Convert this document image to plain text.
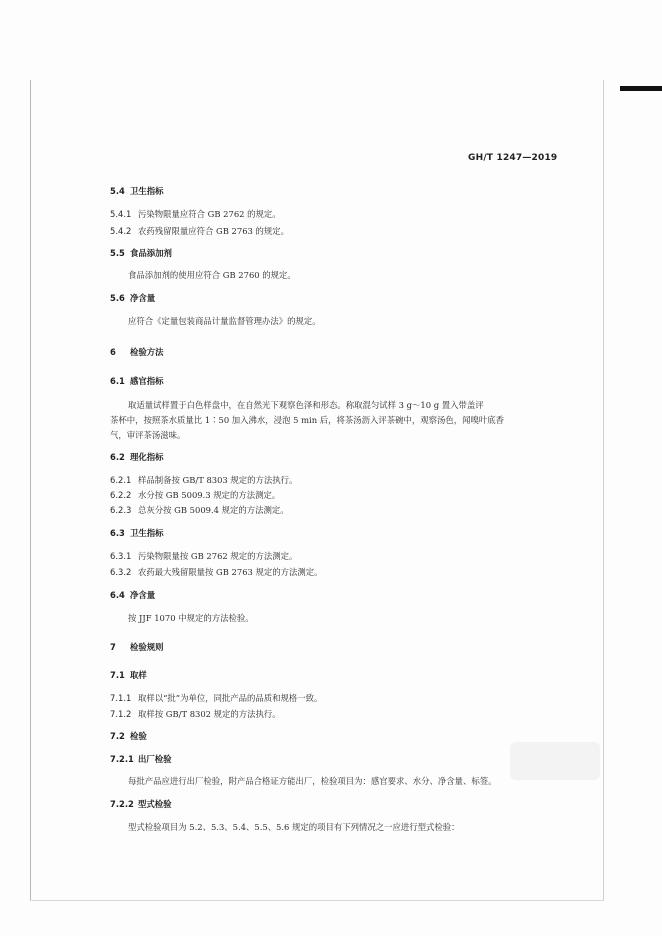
GH/T 1247—2019
5.4 卫生指标
5.4.1 污染物限量应符合 GB 2762 的规定。
5.4.2 农药残留限量应符合 GB 2763 的规定。
5.5 食品添加剂
食品添加剂的使用应符合 GB 2760 的规定。
5.6 净含量
应符合《定量包装商品计量监督管理办法》的规定。
6 检验方法
6.1 感官指标
取适量试样置于白色样盘中，在自然光下观察色泽和形态。称取混匀试样 3 g～10 g 置入带盖评
茶杯中，按照茶水质量比 1∶50 加入沸水，浸泡 5 min 后，将茶汤沥入评茶碗中，观察汤色，闻嗅叶底香
气，审评茶汤滋味。
6.2 理化指标
6.2.1 样品制备按 GB/T 8303 规定的方法执行。
6.2.2 水分按 GB 5009.3 规定的方法测定。
6.2.3 总灰分按 GB 5009.4 规定的方法测定。
6.3 卫生指标
6.3.1 污染物限量按 GB 2762 规定的方法测定。
6.3.2 农药最大残留限量按 GB 2763 规定的方法测定。
6.4 净含量
按 JJF 1070 中规定的方法检验。
7 检验规则
7.1 取样
7.1.1 取样以“批”为单位，同批产品的品质和规格一致。
7.1.2 取样按 GB/T 8302 规定的方法执行。
7.2 检验
7.2.1 出厂检验
每批产品应进行出厂检验，附产品合格证方能出厂，检验项目为：感官要求、水分、净含量、标签。
7.2.2 型式检验
型式检验项目为 5.2、5.3、5.4、5.5、5.6 规定的项目有下列情况之一应进行型式检验：
